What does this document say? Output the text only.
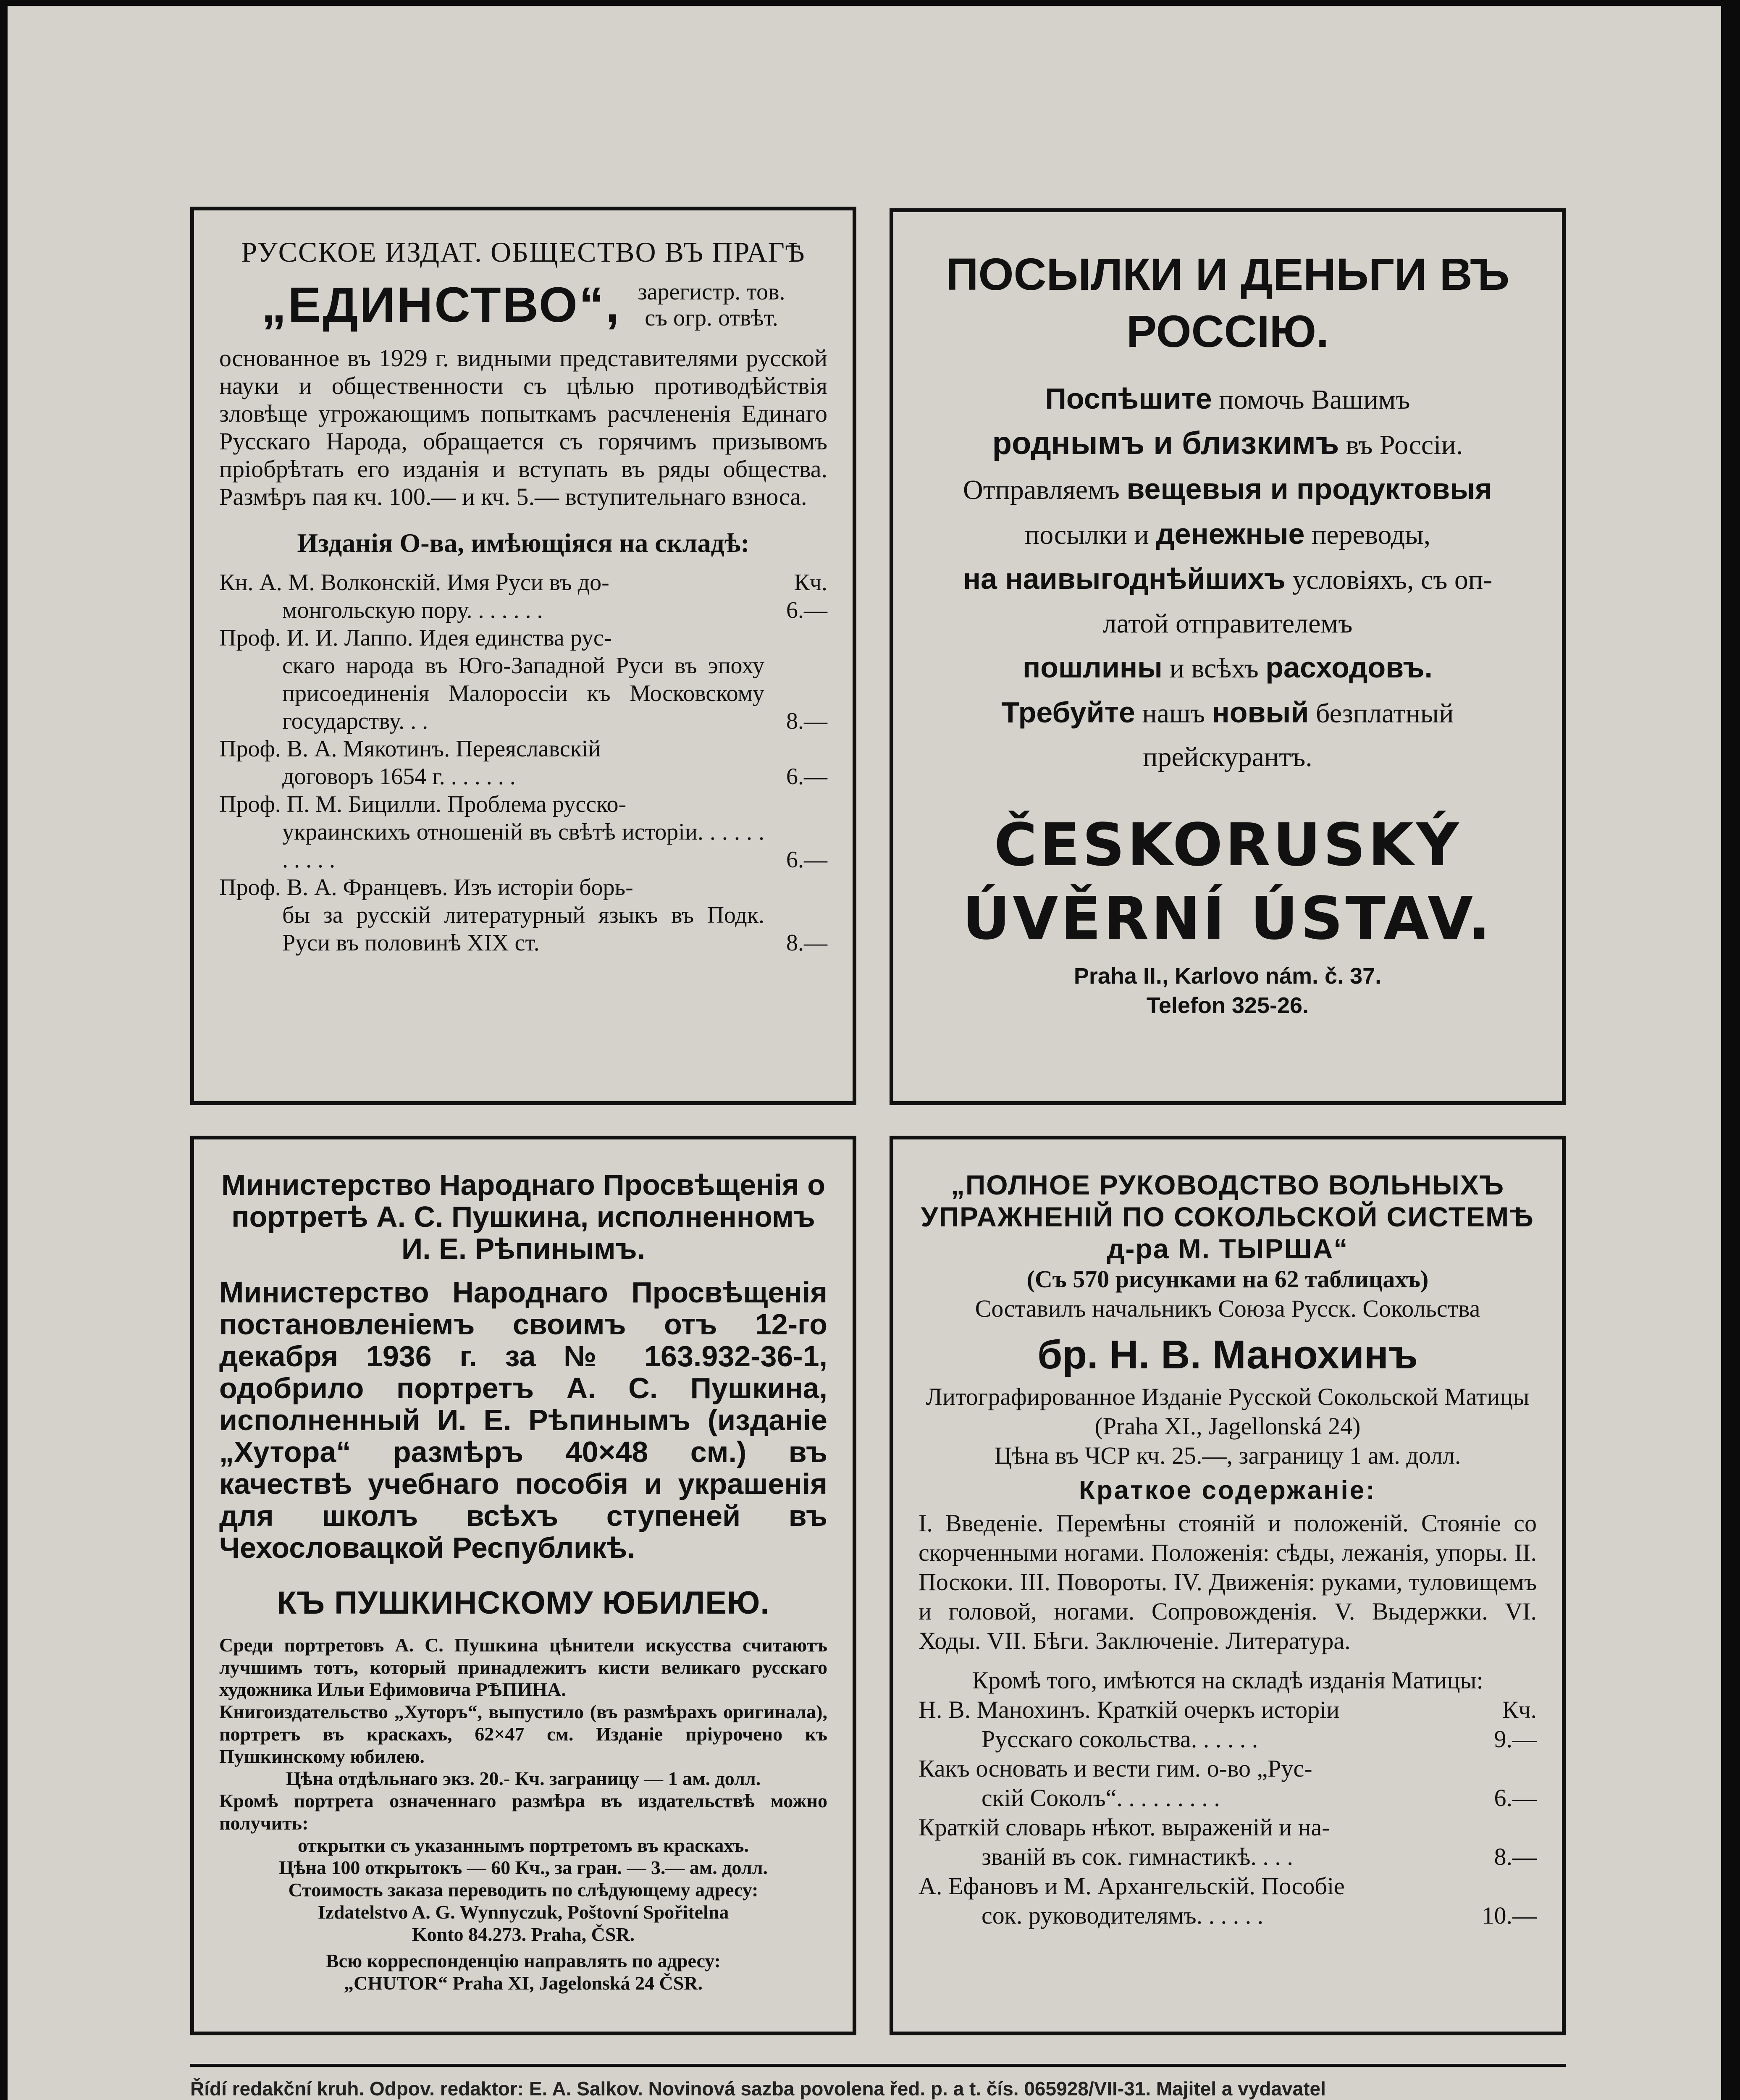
РУССКОЕ ИЗДАТ. ОБЩЕСТВО ВЪ ПРАГѢ
„ЕДИНСТВО“, зарегистр. тов.
съ огр. отвѣт.
основанное въ 1929 г. видными представителями русской науки и общественности съ цѣлью противодѣйствія зловѣще угрожающимъ попыткамъ расчлененія Единаго Русскаго Народа, обращается съ горячимъ призывомъ пріобрѣтать его изданія и вступать въ ряды общества. Размѣръ пая кч. 100.— и кч. 5.— вступительнаго взноса.
Изданія О-ва, имѣющіяся на складѣ:
Кн. А. М. Волконскій. Имя Руси въ до-	Кч.
монгольскую пору. . . . . . .	6.—
Проф. И. И. Лаппо. Идея единства рус-
скаго народа въ Юго-Западной Руси въ эпоху присоединенія Малороссіи къ Московскому государству. . .	8.—
Проф. В. А. Мякотинъ. Переяславскій
договоръ 1654 г. . . . . . .	6.—
Проф. П. М. Бицилли. Проблема русско-
украинскихъ отношеній въ свѣтѣ исторіи. . . . . . . . . . .	6.—
Проф. В. А. Францевъ. Изъ исторіи борь-
бы за русскій литературный языкъ въ Подк. Руси въ половинѣ XIX ст.	8.—
ПОСЫЛКИ И ДЕНЬГИ ВЪ РОССІЮ.
Поспѣшите помочь Вашимъ
роднымъ и близкимъ въ Россіи.
Отправляемъ вещевыя и продуктовыя
посылки и денежные переводы,
на наивыгоднѣйшихъ условіяхъ, съ оп-
латой отправителемъ
пошлины и всѣхъ расходовъ.
Требуйте нашъ новый безплатный
прейскурантъ.
ČESKORUSKÝ
ÚVĚRNÍ ÚSTAV.
Praha II., Karlovo nám. č. 37.
Telefon 325-26.
Министерство Народнаго Просвѣщенія о портретѣ А. С. Пушкина, исполненномъ И. Е. Рѣпинымъ.
Министерство Народнаго Просвѣщенія постановленіемъ своимъ отъ 12-го декабря 1936 г. за № 163.932-36-1, одобрило портретъ А. С. Пушкина, исполненный И. Е. Рѣпинымъ (изданіе „Хутора“ размѣръ 40×48 см.) въ качествѣ учебнаго пособія и украшенія для школъ всѣхъ ступеней въ Чехословацкой Республикѣ.
КЪ ПУШКИНСКОМУ ЮБИЛЕЮ.
Среди портретовъ А. С. Пушкина цѣнители искусства считаютъ лучшимъ тотъ, который принадлежитъ кисти великаго русскаго художника Ильи Ефимовича РѢПИНА.
Книгоиздательство „Хуторъ“, выпустило (въ размѣрахъ оригинала), портретъ въ краскахъ, 62×47 см. Изданіе пріурочено къ Пушкинскому юбилею.
Цѣна отдѣльнаго экз. 20.- Кч. заграницу — 1 ам. долл.
Кромѣ портрета означеннаго размѣра въ издательствѣ можно получить:
открытки съ указаннымъ портретомъ въ краскахъ.
Цѣна 100 открытокъ — 60 Кч., за гран. — 3.— ам. долл.
Стоимость заказа переводить по слѣдующему адресу:
Izdatelstvo A. G. Wynnyczuk, Poštovní Spořitelna
Konto 84.273. Praha, ČSR.
Всю корреспонденцію направлять по адресу:
„CHUTOR“ Praha XI, Jagelonská 24 ČSR.
„ПОЛНОЕ РУКОВОДСТВО ВОЛЬНЫХЪ УПРАЖНЕНІЙ ПО СОКОЛЬСКОЙ СИСТЕМѢ д-ра М. ТЫРША“
(Съ 570 рисунками на 62 таблицахъ)
Составилъ начальникъ Союза Русск. Сокольства
бр. Н. В. Манохинъ
Литографированное Изданіе Русской Сокольской Матицы (Praha XI., Jagellonská 24)
Цѣна въ ЧСР кч. 25.—, заграницу 1 ам. долл.
Краткое содержаніе:
I. Введеніе. Перемѣны стояній и положеній. Стояніе со скорченными ногами. Положенія: сѣды, лежанія, упоры. II. Поскоки. III. Повороты. IV. Движенія: руками, туловищемъ и головой, ногами. Сопровожденія. V. Выдержки. VI. Ходы. VII. Бѣги. Заключеніе. Литература.
Кромѣ того, имѣются на складѣ изданія Матицы:
Н. В. Манохинъ. Краткій очеркъ исторіи	Кч.
Русскаго сокольства. . . . . .	9.—
Какъ основать и вести гим. о-во „Рус-
скій Соколъ“. . . . . . . . .	6.—
Краткій словарь нѣкот. выраженій и на-
званій въ сок. гимнастикѣ. . . .	8.—
А. Ефановъ и М. Архангельскій. Пособіе
сок. руководителямъ. . . . . .	10.—
Řídí redakční kruh. Odpov. redaktor: E. A. Salkov. Novinová sazba povolena řed. p. a t. čís. 065928/VII-31. Majitel a vydavatel
